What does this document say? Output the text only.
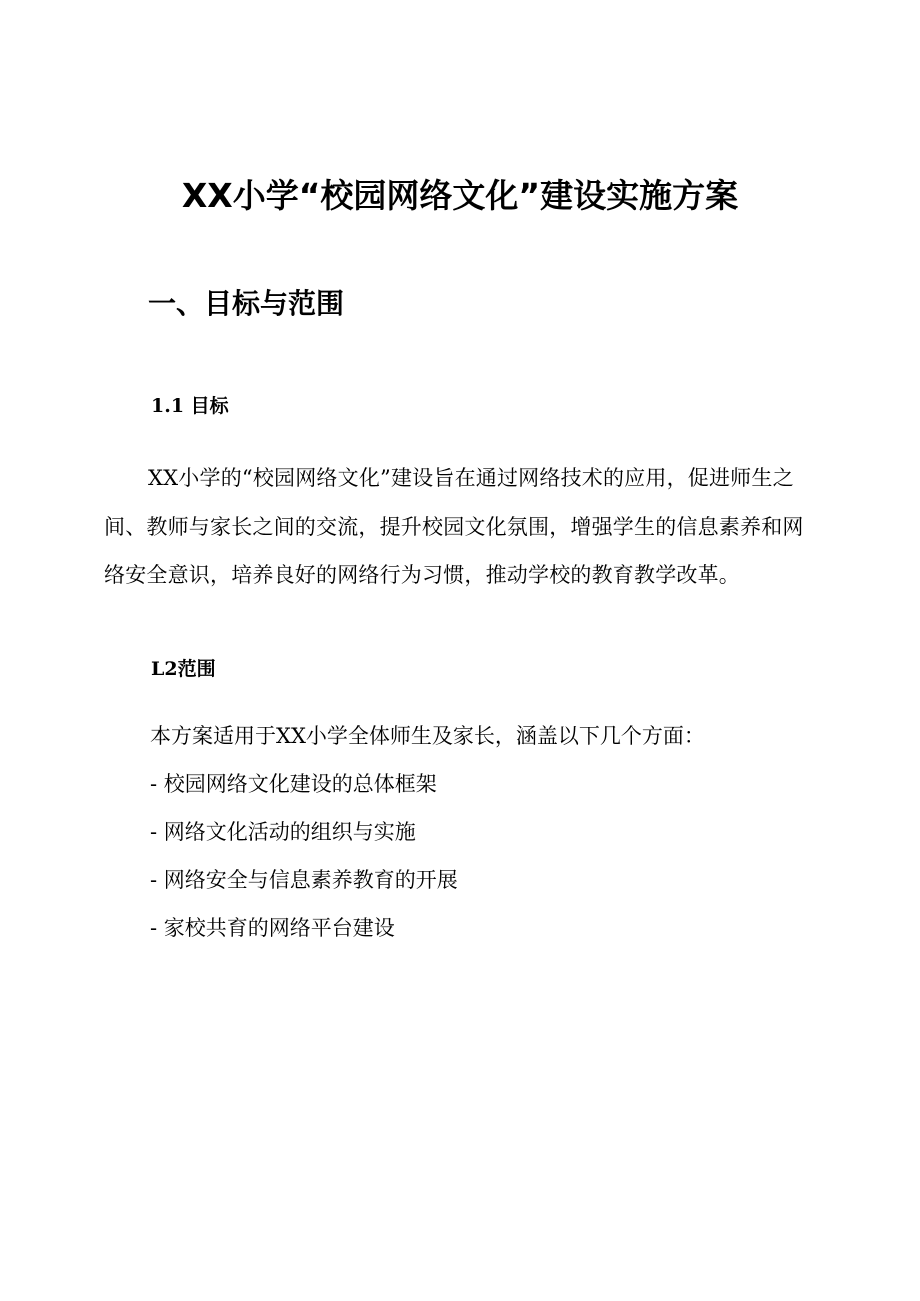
XX小学“校园网络文化”建设实施方案
一、目标与范围
1.1 目标

XX小学的“校园网络文化”建设旨在通过网络技术的应用，促进师生之间、教师与家长之间的交流，提升校园文化氛围，增强学生的信息素养和网络安全意识，培养良好的网络行为习惯，推动学校的教育教学改革。

L2范围

本方案适用于XX小学全体师生及家长，涵盖以下几个方面：

- 校园网络文化建设的总体框架
- 网络文化活动的组织与实施
- 网络安全与信息素养教育的开展
- 家校共育的网络平台建设
